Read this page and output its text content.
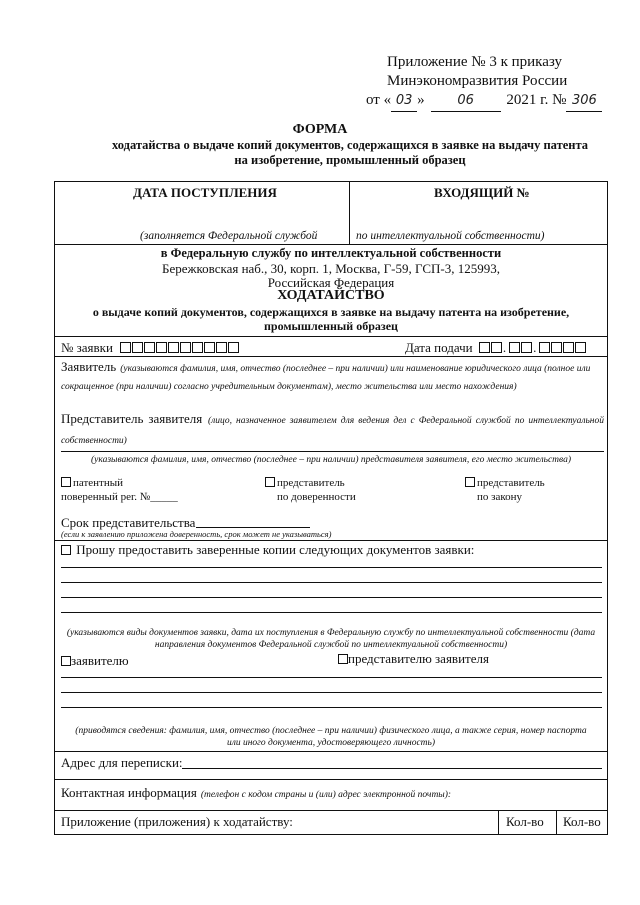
Приложение № 3 к приказу
Минэкономразвития России
от « 03 »	06 2021 г. № 306
ФОРМА
ходатайства о выдаче копий документов, содержащихся в заявке на выдачу патента
на изобретение, промышленный образец
ДАТА ПОСТУПЛЕНИЯ	ВХОДЯЩИЙ №
(заполняется Федеральной службой	по интеллектуальной собственности)
в Федеральную службу по интеллектуальной собственности
Бережковская наб., 30, корп. 1, Москва, Г-59, ГСП-3, 125993,
Российская Федерация
ХОДАТАЙСТВО
о выдаче копий документов, содержащихся в заявке на выдачу патента на изобретение,
промышленный образец
№ заявки	Дата подачи . .
Заявитель (указываются фамилия, имя, отчество (последнее – при наличии) или наименование юридического лица (полное или сокращенное (при наличии) согласно учредительным документам), место жительства или место нахождения)
Представитель заявителя (лицо, назначенное заявителем для ведения дел с Федеральной службой по интеллектуальной собственности)
(указываются фамилия, имя, отчество (последнее – при наличии) представителя заявителя, его место жительства)
патентный
поверенный рег. №_____
представитель
по доверенности
представитель
по закону
Срок представительства
(если к заявлению приложена доверенность, срок может не указываться)
Прошу предоставить заверенные копии следующих документов заявки:
(указываются виды документов заявки, дата их поступления в Федеральную службу по интеллектуальной собственности (дата
направления документов Федеральной службой по интеллектуальной собственности)
заявителю	представителю заявителя
(приводятся сведения: фамилия, имя, отчество (последнее – при наличии) физического лица, а также серия, номер паспорта
или иного документа, удостоверяющего личность)
Адрес для переписки:
Контактная информация (телефон с кодом страны и (или) адрес электронной почты):
Приложение (приложения) к ходатайству:	Кол-во Кол-во
